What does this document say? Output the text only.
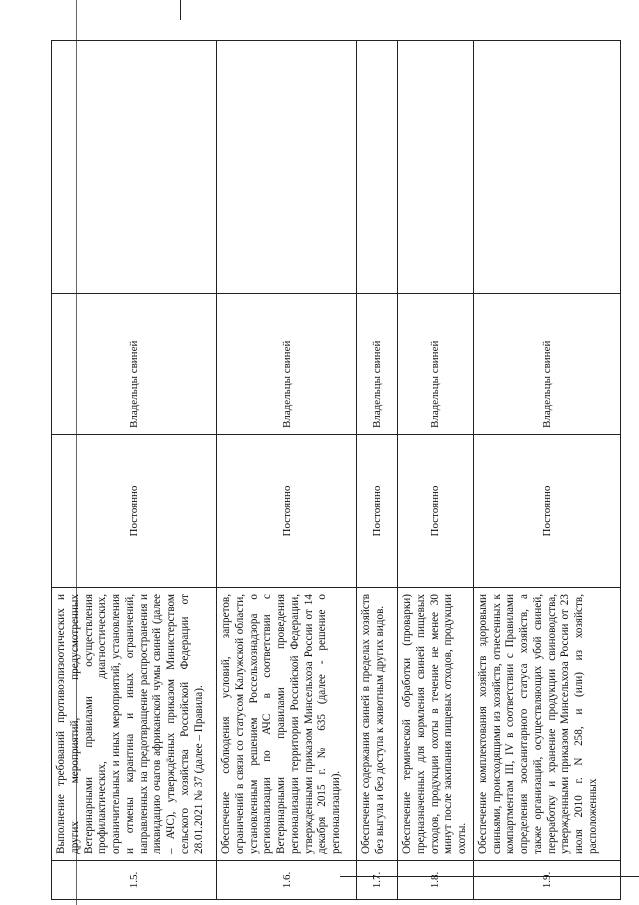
1.5.	Выполнение требований противоэпизоотических и других мероприятий, предусмотренных Ветеринарными правилами осуществления профилактических, диагностических, ограничительных и иных мероприятий, установления и отмены карантина и иных ограничений, направленных на предотвращение распространения и ликвидацию очагов африканской чумы свиней (далее – АЧС), утверждённых приказом Министерством сельского хозяйства Российской Федерации от 28.01.2021 № 37 (далее – Правила).	Постоянно	Владельцы свиней	
1.6.	Обеспечение соблюдения условий, запретов, ограничений в связи со статусом Калужской области, установленным решением Россельхознадзора о регионализации по АЧС в соответствии с Ветеринарными правилами проведения регионализации территории Российской Федерации, утвержденными приказом Минсельхоза России от 14 декабря 2015 г. № 635 (далее - решение о регионализации).	Постоянно	Владельцы свиней	
1.7.	Обеспечение содержания свиней в пределах хозяйств без выгула и без доступа к животным других видов.	Постоянно	Владельцы свиней	
1.8.	Обеспечение термической обработки (проварки) предназначенных для кормления свиней пищевых отходов, продукции охоты в течение не менее 30 минут после закипания пищевых отходов, продукции охоты.	Постоянно	Владельцы свиней	
1.9.	Обеспечение комплектования хозяйств здоровыми свиньями, происходящими из хозяйств, отнесенных к компартментам III, IV в соответствии с Правилами определения зоосанитарного статуса хозяйств, а также организаций, осуществляющих убой свиней, переработку и хранение продукции свиноводства, утвержденными приказом Минсельхоза России от 23 июля 2010 г. N 258, и (или) из хозяйств, расположенных	Постоянно	Владельцы свиней	
